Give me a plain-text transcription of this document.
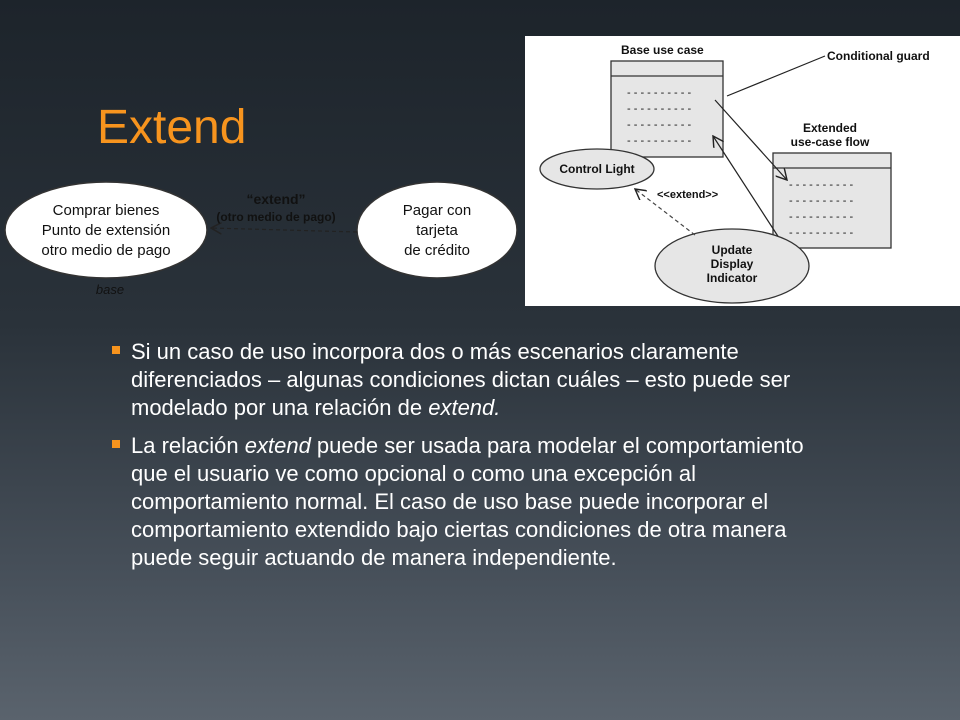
Extend
Comprar bienes
Punto de extensión
otro medio de pago
Pagar con
tarjeta
de crédito
“extend”
(otro medio de pago)
base
Base use case
- - - - - - - - - -
- - - - - - - - - -
- - - - - - - - - -
- - - - - - - - - -
Conditional guard
Extended
use-case flow
- - - - - - - - - -
- - - - - - - - - -
- - - - - - - - - -
- - - - - - - - - -
Control Light
Update
Display
Indicator
<<extend>>
Si un caso de uso incorpora dos o más escenarios claramente diferenciados – algunas condiciones dictan cuáles – esto puede ser modelado por una relación de extend.
La relación extend puede ser usada para modelar el comportamiento que el usuario ve como opcional o como una excepción al comportamiento normal. El caso de uso base puede incorporar el comportamiento extendido bajo ciertas condiciones de otra manera puede seguir actuando de manera independiente.
